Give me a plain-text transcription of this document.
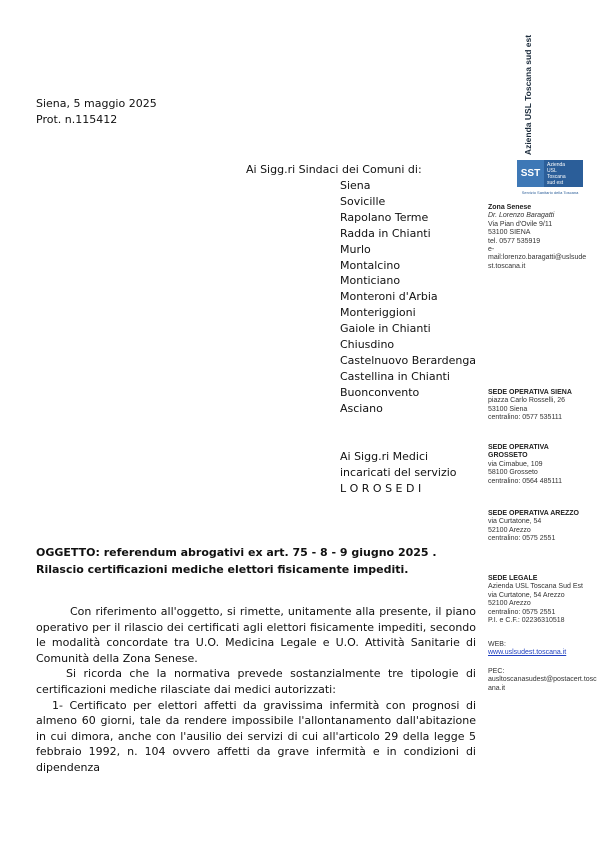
Azienda USL Toscana sud est
SST
Azienda
USL
Toscana
sud est
Servizio Sanitario della Toscana
Zona Senese
Dr. Lorenzo Baragatti
Via Pian d'Ovile 9/11
53100 SIENA
tel. 0577 535919
e-
mail:lorenzo.baragatti@uslsude
st.toscana.it
SEDE OPERATIVA SIENA
piazza Carlo Rosselli, 26
53100 Siena
centralino: 0577 535111
SEDE OPERATIVA
GROSSETO
via Cimabue, 109
58100 Grosseto
centralino: 0564 485111
SEDE OPERATIVA AREZZO
via Curtatone, 54
52100 Arezzo
centralino: 0575 2551
SEDE LEGALE
Azienda USL Toscana Sud Est
via Curtatone, 54 Arezzo
52100 Arezzo
centralino: 0575 2551
P.I. e C.F.: 02236310518
WEB:
www.uslsudest.toscana.it
PEC:
ausltoscanasudest@postacert.tosc
ana.it
Siena, 5 maggio 2025
Prot. n.115412
Ai Sigg.ri Sindaci dei Comuni di:
Siena
Sovicille
Rapolano Terme
Radda in Chianti
Murlo
Montalcino
Monticiano
Monteroni d'Arbia
Monteriggioni
Gaiole in Chianti
Chiusdino
Castelnuovo Berardenga
Castellina in Chianti
Buonconvento
Asciano
Ai Sigg.ri Medici
incaricati del servizio
L O R O S E D I
OGGETTO: referendum abrogativi ex art. 75 - 8 - 9 giugno 2025 .
Rilascio certificazioni mediche elettori fisicamente impediti.

Con riferimento all'oggetto, si rimette, unitamente alla presente, il piano operativo per il rilascio dei certificati agli elettori fisicamente impediti, secondo le modalità concordate tra U.O. Medicina Legale e U.O. Attività Sanitarie di Comunità della Zona Senese.

Si ricorda che la normativa prevede sostanzialmente tre tipologie di certificazioni mediche rilasciate dai medici autorizzati:

1- Certificato per elettori affetti da gravissima infermità con prognosi di almeno 60 giorni, tale da rendere impossibile l'allontanamento dall'abitazione in cui dimora, anche con l'ausilio dei servizi di cui all'articolo 29 della legge 5 febbraio 1992, n. 104 ovvero affetti da grave infermità e in condizioni di dipendenza
